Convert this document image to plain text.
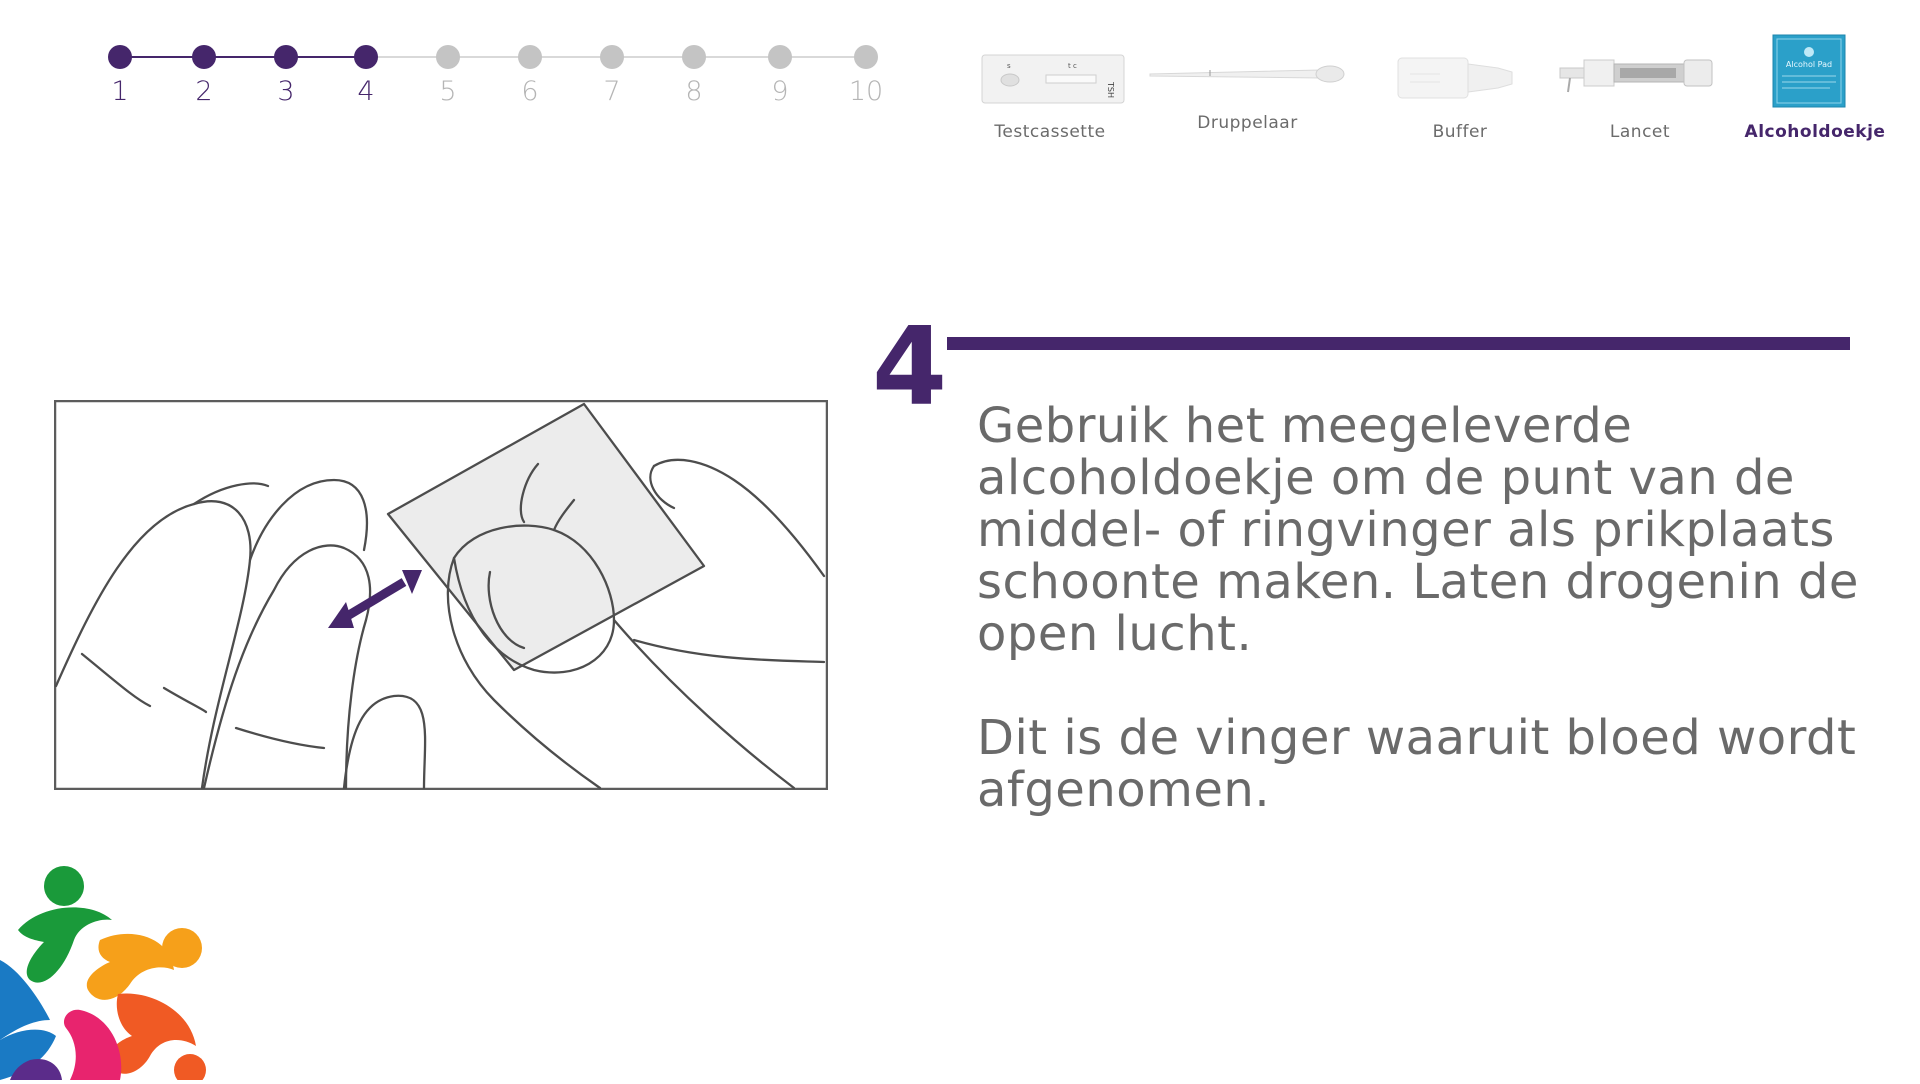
1	2	3	4	5	6	7	8	9	10
s	t c
TSH
Testcassette	Druppelaar	Buffer	Lancet
Alcohol Pad
Alcoholdoekje
4 Gebruik het meegeleverde alcoholdoekje om de punt van de middel- of ringvinger als prikplaats schoonte maken. Laten drogenin de open lucht.

Dit is de vinger waaruit bloed wordt afgenomen.
